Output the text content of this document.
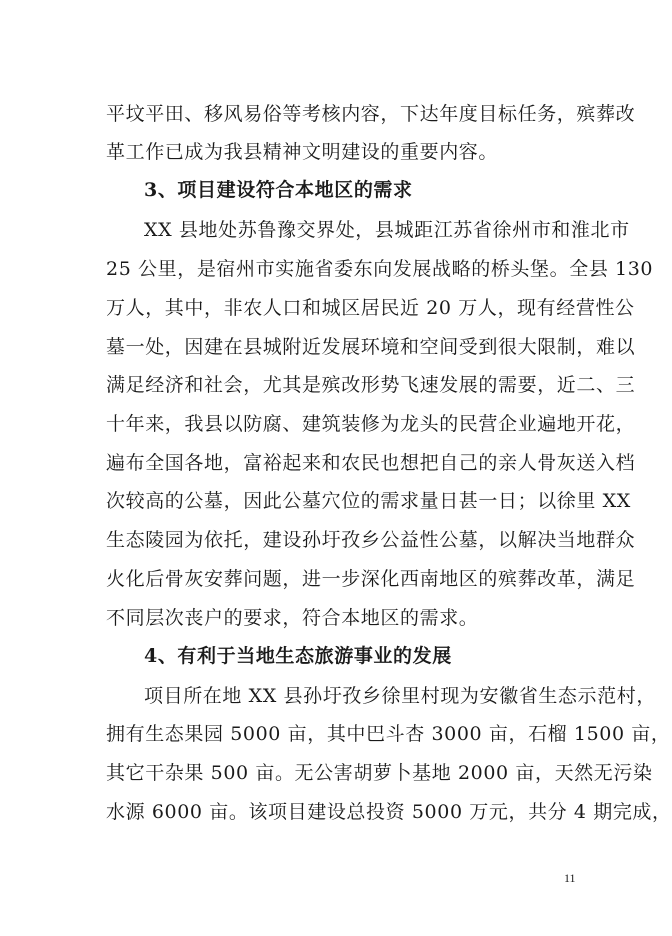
平坟平田、移风易俗等考核内容，下达年度目标任务，殡葬改
革工作已成为我县精神文明建设的重要内容。
3、项目建设符合本地区的需求
XX 县地处苏鲁豫交界处，县城距江苏省徐州市和淮北市
25 公里，是宿州市实施省委东向发展战略的桥头堡。全县 130
万人，其中，非农人口和城区居民近 20 万人，现有经营性公
墓一处，因建在县城附近发展环境和空间受到很大限制，难以
满足经济和社会，尤其是殡改形势飞速发展的需要，近二、三
十年来，我县以防腐、建筑装修为龙头的民营企业遍地开花，
遍布全国各地，富裕起来和农民也想把自己的亲人骨灰送入档
次较高的公墓，因此公墓穴位的需求量日甚一日；以徐里 XX
生态陵园为依托，建设孙圩孜乡公益性公墓，以解决当地群众
火化后骨灰安葬问题，进一步深化西南地区的殡葬改革，满足
不同层次丧户的要求，符合本地区的需求。
4、有利于当地生态旅游事业的发展
项目所在地 XX 县孙圩孜乡徐里村现为安徽省生态示范村，
拥有生态果园 5000 亩，其中巴斗杏 3000 亩，石榴 1500 亩，
其它干杂果 500 亩。无公害胡萝卜基地 2000 亩，天然无污染
水源 6000 亩。该项目建设总投资 5000 万元，共分 4 期完成，
11
